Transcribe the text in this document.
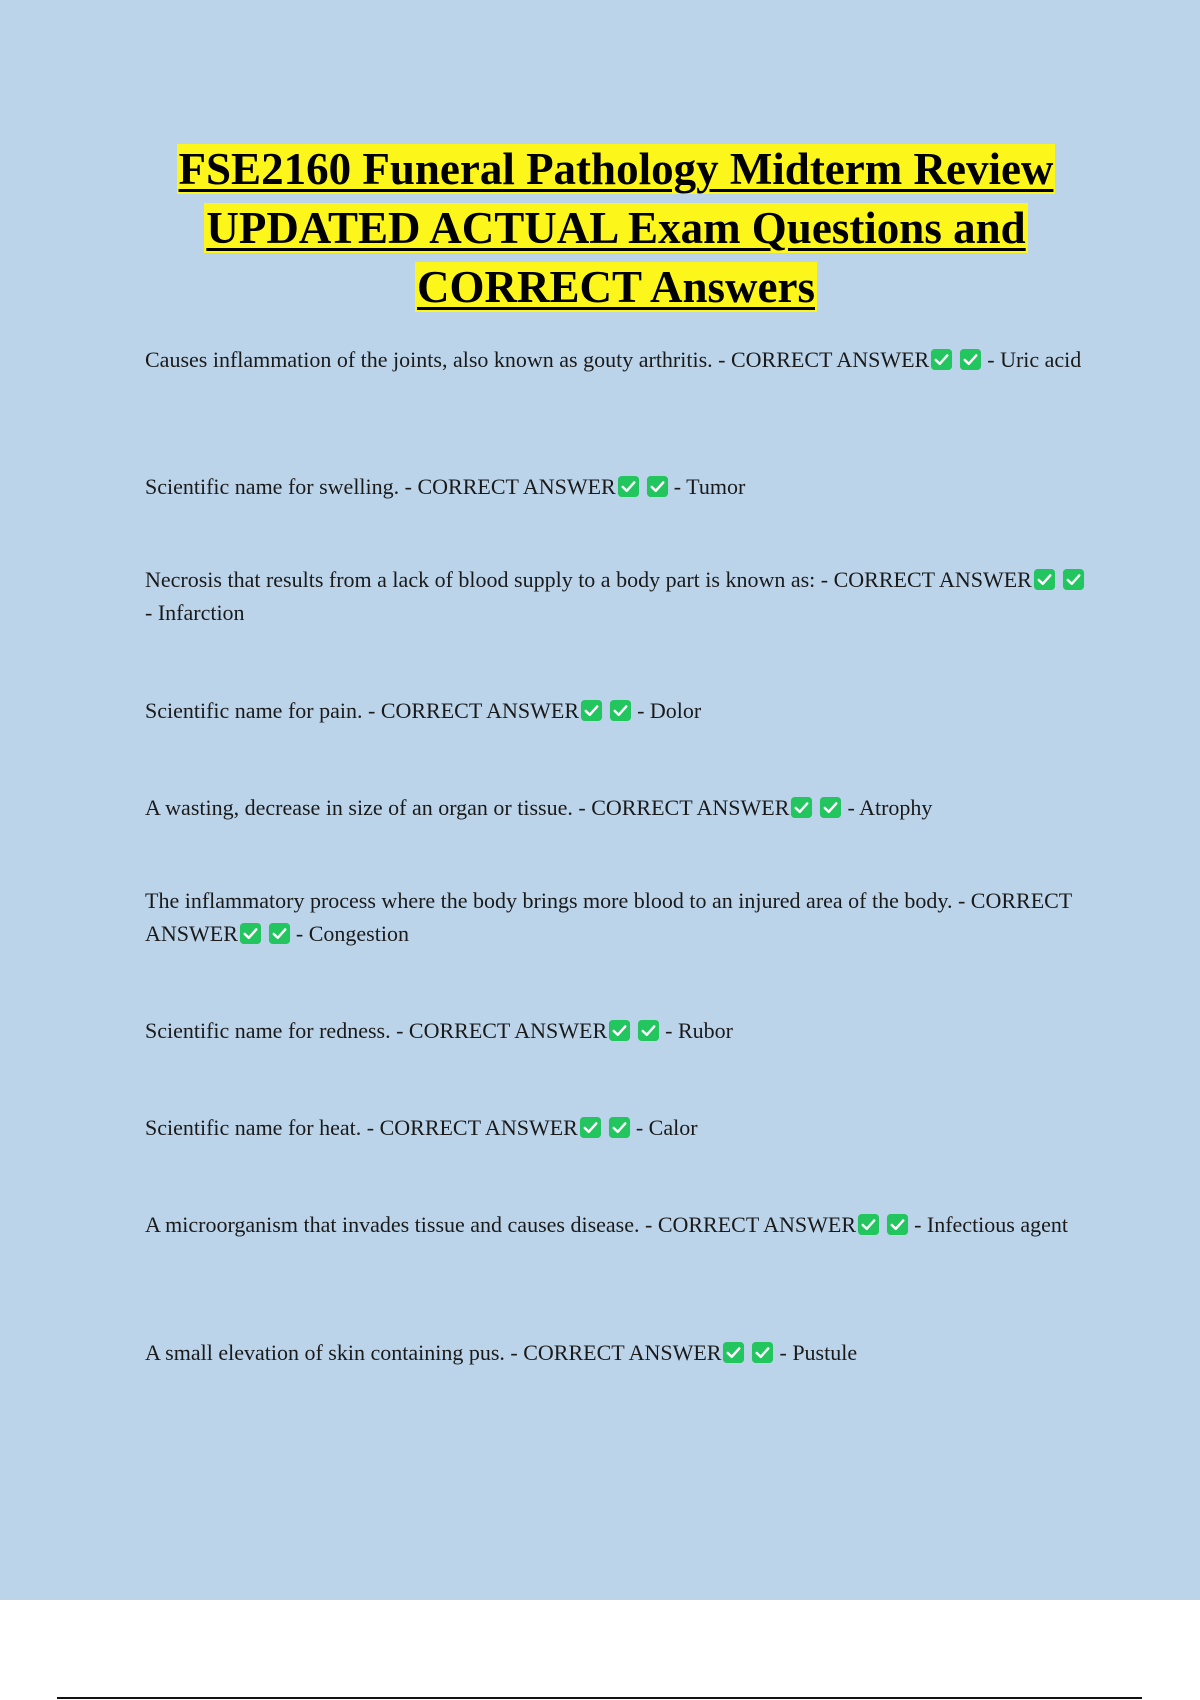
FSE2160 Funeral Pathology Midterm Review
UPDATED ACTUAL Exam Questions and
CORRECT Answers

Causes inflammation of the joints, also known as gouty arthritis. - CORRECT ANSWER	- Uric acid

Scientific name for swelling. - CORRECT ANSWER	- Tumor

Necrosis that results from a lack of blood supply to a body part is known as: - CORRECT ANSWER
- Infarction

Scientific name for pain. - CORRECT ANSWER	- Dolor

A wasting, decrease in size of an organ or tissue. - CORRECT ANSWER	- Atrophy

The inflammatory process where the body brings more blood to an injured area of the body. - CORRECT ANSWER	- Congestion

Scientific name for redness. - CORRECT ANSWER	- Rubor

Scientific name for heat. - CORRECT ANSWER	- Calor

A microorganism that invades tissue and causes disease. - CORRECT ANSWER	- Infectious agent

A small elevation of skin containing pus. - CORRECT ANSWER	- Pustule
